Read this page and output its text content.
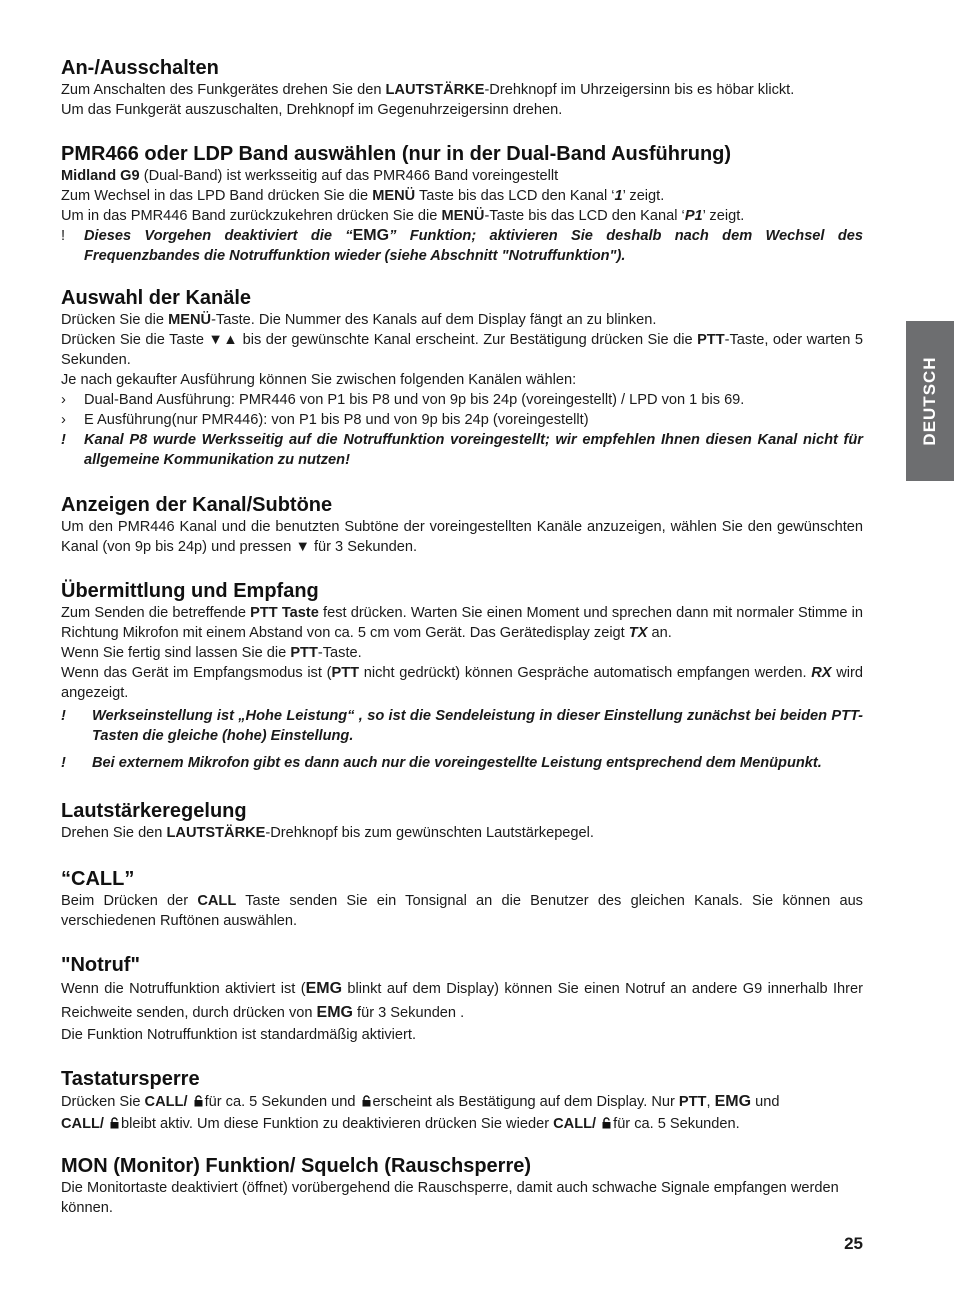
DEUTSCH
An-/Ausschalten

Zum Anschalten des Funkgerätes drehen Sie den LAUTSTÄRKE-Drehknopf im Uhrzeigersinn bis es höbar klickt.

Um das Funkgerät auszuschalten, Drehknopf im Gegenuhrzeigersinn drehen.

PMR466 oder LDP Band auswählen (nur in der Dual-Band Ausführung)

Midland G9 (Dual-Band) ist werksseitig auf das PMR466 Band voreingestellt

Zum Wechsel in das LPD Band drücken Sie die MENÜ Taste bis das LCD den Kanal ‘1’ zeigt.

Um in das PMR446 Band zurückzukehren drücken Sie die MENÜ-Taste bis das LCD den Kanal ‘P1’ zeigt.

! Dieses Vorgehen deaktiviert die “EMG” Funktion; aktivieren Sie deshalb nach dem Wechsel des Frequenzbandes die Notruffunktion wieder (siehe Abschnitt "Notruffunktion").
Auswahl der Kanäle

Drücken Sie die MENÜ-Taste. Die Nummer des Kanals auf dem Display fängt an zu blinken.

Drücken Sie die Taste ▼▲ bis der gewünschte Kanal erscheint. Zur Bestätigung drücken Sie die PTT-Taste, oder warten 5 Sekunden.

Je nach gekaufter Ausführung können Sie zwischen folgenden Kanälen wählen:

› Dual-Band Ausführung: PMR446 von P1 bis P8 und von 9p bis 24p (voreingestellt) / LPD von 1 bis 69.
› E Ausführung(nur PMR446): von P1 bis P8 und von 9p bis 24p (voreingestellt)
! Kanal P8 wurde Werksseitig auf die Notruffunktion voreingestellt; wir empfehlen Ihnen diesen Kanal nicht für allgemeine Kommunikation zu nutzen!
Anzeigen der Kanal/Subtöne

Um den PMR446 Kanal und die benutzten Subtöne der voreingestellten Kanäle anzuzeigen, wählen Sie den gewünschten Kanal (von 9p bis 24p) und pressen ▼ für 3 Sekunden.

Übermittlung und Empfang

Zum Senden die betreffende PTT Taste fest drücken. Warten Sie einen Moment und sprechen dann mit normaler Stimme in Richtung Mikrofon mit einem Abstand von ca. 5 cm vom Gerät. Das Gerätedisplay zeigt TX an.

Wenn Sie fertig sind lassen Sie die PTT-Taste.

Wenn das Gerät im Empfangsmodus ist (PTT nicht gedrückt) können Gespräche automatisch empfangen werden. RX wird angezeigt.

! Werkseinstellung ist „Hohe Leistung“ , so ist die Sendeleistung in dieser Einstellung zunächst bei beiden PTT-Tasten die gleiche (hohe) Einstellung.
! Bei externem Mikrofon gibt es dann auch nur die voreingestellte Leistung entsprechend dem Menüpunkt.
Lautstärkeregelung

Drehen Sie den LAUTSTÄRKE-Drehknopf bis zum gewünschten Lautstärkepegel.

“CALL”

Beim Drücken der CALL Taste senden Sie ein Tonsignal an die Benutzer des gleichen Kanals. Sie können aus verschiedenen Ruftönen auswählen.

"Notruf"

Wenn die Notruffunktion aktiviert ist (EMG blinkt auf dem Display) können Sie einen Notruf an andere G9 innerhalb Ihrer Reichweite senden, durch drücken von EMG für 3 Sekunden .

Die Funktion Notruffunktion ist standardmäßig aktiviert.

Tastatursperre

Drücken Sie CALL/ für ca. 5 Sekunden und erscheint als Bestätigung auf dem Display. Nur PTT, EMG und

CALL/ bleibt aktiv. Um diese Funktion zu deaktivieren drücken Sie wieder CALL/ für ca. 5 Sekunden.

MON (Monitor) Funktion/ Squelch (Rauschsperre)

Die Monitortaste deaktiviert (öffnet) vorübergehend die Rauschsperre, damit auch schwache Signale empfangen werden können.

25
